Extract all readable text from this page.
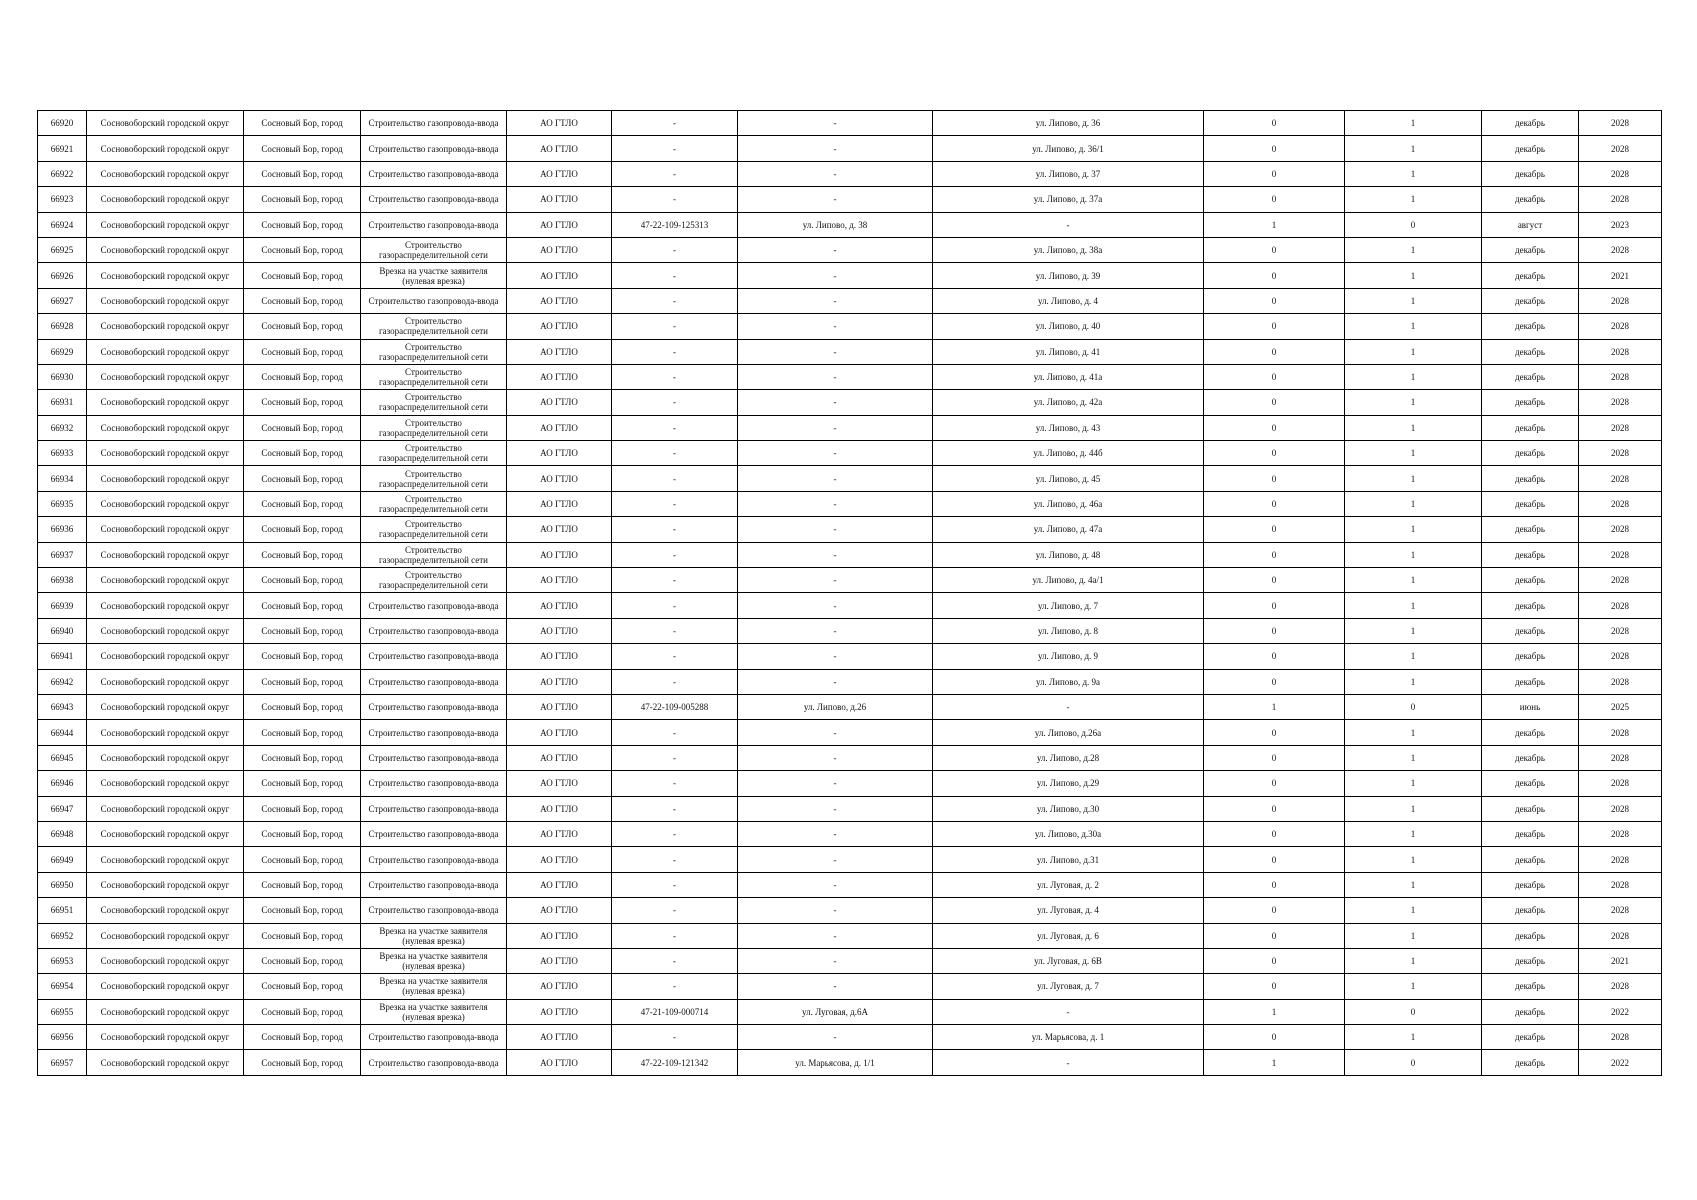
66920	Сосновоборский городской округ	Сосновый Бор, город	Строительство газопровода-ввода	АО ГТЛО	-	-	ул. Липово, д. 36	0	1	декабрь	2028
66921	Сосновоборский городской округ	Сосновый Бор, город	Строительство газопровода-ввода	АО ГТЛО	-	-	ул. Липово, д. 36/1	0	1	декабрь	2028
66922	Сосновоборский городской округ	Сосновый Бор, город	Строительство газопровода-ввода	АО ГТЛО	-	-	ул. Липово, д. 37	0	1	декабрь	2028
66923	Сосновоборский городской округ	Сосновый Бор, город	Строительство газопровода-ввода	АО ГТЛО	-	-	ул. Липово, д. 37а	0	1	декабрь	2028
66924	Сосновоборский городской округ	Сосновый Бор, город	Строительство газопровода-ввода	АО ГТЛО	47-22-109-125313	ул. Липово, д. 38	-	1	0	август	2023
66925	Сосновоборский городской округ	Сосновый Бор, город	Строительство газораспределительной сети	АО ГТЛО	-	-	ул. Липово, д. 38а	0	1	декабрь	2028
66926	Сосновоборский городской округ	Сосновый Бор, город	Врезка на участке заявителя (нулевая врезка)	АО ГТЛО	-	-	ул. Липово, д. 39	0	1	декабрь	2021
66927	Сосновоборский городской округ	Сосновый Бор, город	Строительство газопровода-ввода	АО ГТЛО	-	-	ул. Липово, д. 4	0	1	декабрь	2028
66928	Сосновоборский городской округ	Сосновый Бор, город	Строительство газораспределительной сети	АО ГТЛО	-	-	ул. Липово, д. 40	0	1	декабрь	2028
66929	Сосновоборский городской округ	Сосновый Бор, город	Строительство газораспределительной сети	АО ГТЛО	-	-	ул. Липово, д. 41	0	1	декабрь	2028
66930	Сосновоборский городской округ	Сосновый Бор, город	Строительство газораспределительной сети	АО ГТЛО	-	-	ул. Липово, д. 41а	0	1	декабрь	2028
66931	Сосновоборский городской округ	Сосновый Бор, город	Строительство газораспределительной сети	АО ГТЛО	-	-	ул. Липово, д. 42а	0	1	декабрь	2028
66932	Сосновоборский городской округ	Сосновый Бор, город	Строительство газораспределительной сети	АО ГТЛО	-	-	ул. Липово, д. 43	0	1	декабрь	2028
66933	Сосновоборский городской округ	Сосновый Бор, город	Строительство газораспределительной сети	АО ГТЛО	-	-	ул. Липово, д. 44б	0	1	декабрь	2028
66934	Сосновоборский городской округ	Сосновый Бор, город	Строительство газораспределительной сети	АО ГТЛО	-	-	ул. Липово, д. 45	0	1	декабрь	2028
66935	Сосновоборский городской округ	Сосновый Бор, город	Строительство газораспределительной сети	АО ГТЛО	-	-	ул. Липово, д. 46а	0	1	декабрь	2028
66936	Сосновоборский городской округ	Сосновый Бор, город	Строительство газораспределительной сети	АО ГТЛО	-	-	ул. Липово, д. 47а	0	1	декабрь	2028
66937	Сосновоборский городской округ	Сосновый Бор, город	Строительство газораспределительной сети	АО ГТЛО	-	-	ул. Липово, д. 48	0	1	декабрь	2028
66938	Сосновоборский городской округ	Сосновый Бор, город	Строительство газораспределительной сети	АО ГТЛО	-	-	ул. Липово, д. 4а/1	0	1	декабрь	2028
66939	Сосновоборский городской округ	Сосновый Бор, город	Строительство газопровода-ввода	АО ГТЛО	-	-	ул. Липово, д. 7	0	1	декабрь	2028
66940	Сосновоборский городской округ	Сосновый Бор, город	Строительство газопровода-ввода	АО ГТЛО	-	-	ул. Липово, д. 8	0	1	декабрь	2028
66941	Сосновоборский городской округ	Сосновый Бор, город	Строительство газопровода-ввода	АО ГТЛО	-	-	ул. Липово, д. 9	0	1	декабрь	2028
66942	Сосновоборский городской округ	Сосновый Бор, город	Строительство газопровода-ввода	АО ГТЛО	-	-	ул. Липово, д. 9а	0	1	декабрь	2028
66943	Сосновоборский городской округ	Сосновый Бор, город	Строительство газопровода-ввода	АО ГТЛО	47-22-109-005288	ул. Липово, д.26	-	1	0	июнь	2025
66944	Сосновоборский городской округ	Сосновый Бор, город	Строительство газопровода-ввода	АО ГТЛО	-	-	ул. Липово, д.26а	0	1	декабрь	2028
66945	Сосновоборский городской округ	Сосновый Бор, город	Строительство газопровода-ввода	АО ГТЛО	-	-	ул. Липово, д.28	0	1	декабрь	2028
66946	Сосновоборский городской округ	Сосновый Бор, город	Строительство газопровода-ввода	АО ГТЛО	-	-	ул. Липово, д.29	0	1	декабрь	2028
66947	Сосновоборский городской округ	Сосновый Бор, город	Строительство газопровода-ввода	АО ГТЛО	-	-	ул. Липово, д.30	0	1	декабрь	2028
66948	Сосновоборский городской округ	Сосновый Бор, город	Строительство газопровода-ввода	АО ГТЛО	-	-	ул. Липово, д.30а	0	1	декабрь	2028
66949	Сосновоборский городской округ	Сосновый Бор, город	Строительство газопровода-ввода	АО ГТЛО	-	-	ул. Липово, д.31	0	1	декабрь	2028
66950	Сосновоборский городской округ	Сосновый Бор, город	Строительство газопровода-ввода	АО ГТЛО	-	-	ул. Луговая, д. 2	0	1	декабрь	2028
66951	Сосновоборский городской округ	Сосновый Бор, город	Строительство газопровода-ввода	АО ГТЛО	-	-	ул. Луговая, д. 4	0	1	декабрь	2028
66952	Сосновоборский городской округ	Сосновый Бор, город	Врезка на участке заявителя (нулевая врезка)	АО ГТЛО	-	-	ул. Луговая, д. 6	0	1	декабрь	2028
66953	Сосновоборский городской округ	Сосновый Бор, город	Врезка на участке заявителя (нулевая врезка)	АО ГТЛО	-	-	ул. Луговая, д. 6В	0	1	декабрь	2021
66954	Сосновоборский городской округ	Сосновый Бор, город	Врезка на участке заявителя (нулевая врезка)	АО ГТЛО	-	-	ул. Луговая, д. 7	0	1	декабрь	2028
66955	Сосновоборский городской округ	Сосновый Бор, город	Врезка на участке заявителя (нулевая врезка)	АО ГТЛО	47-21-109-000714	ул. Луговая, д.6А	-	1	0	декабрь	2022
66956	Сосновоборский городской округ	Сосновый Бор, город	Строительство газопровода-ввода	АО ГТЛО	-	-	ул. Марьясова, д. 1	0	1	декабрь	2028
66957	Сосновоборский городской округ	Сосновый Бор, город	Строительство газопровода-ввода	АО ГТЛО	47-22-109-121342	ул. Марьясова, д. 1/1	-	1	0	декабрь	2022
